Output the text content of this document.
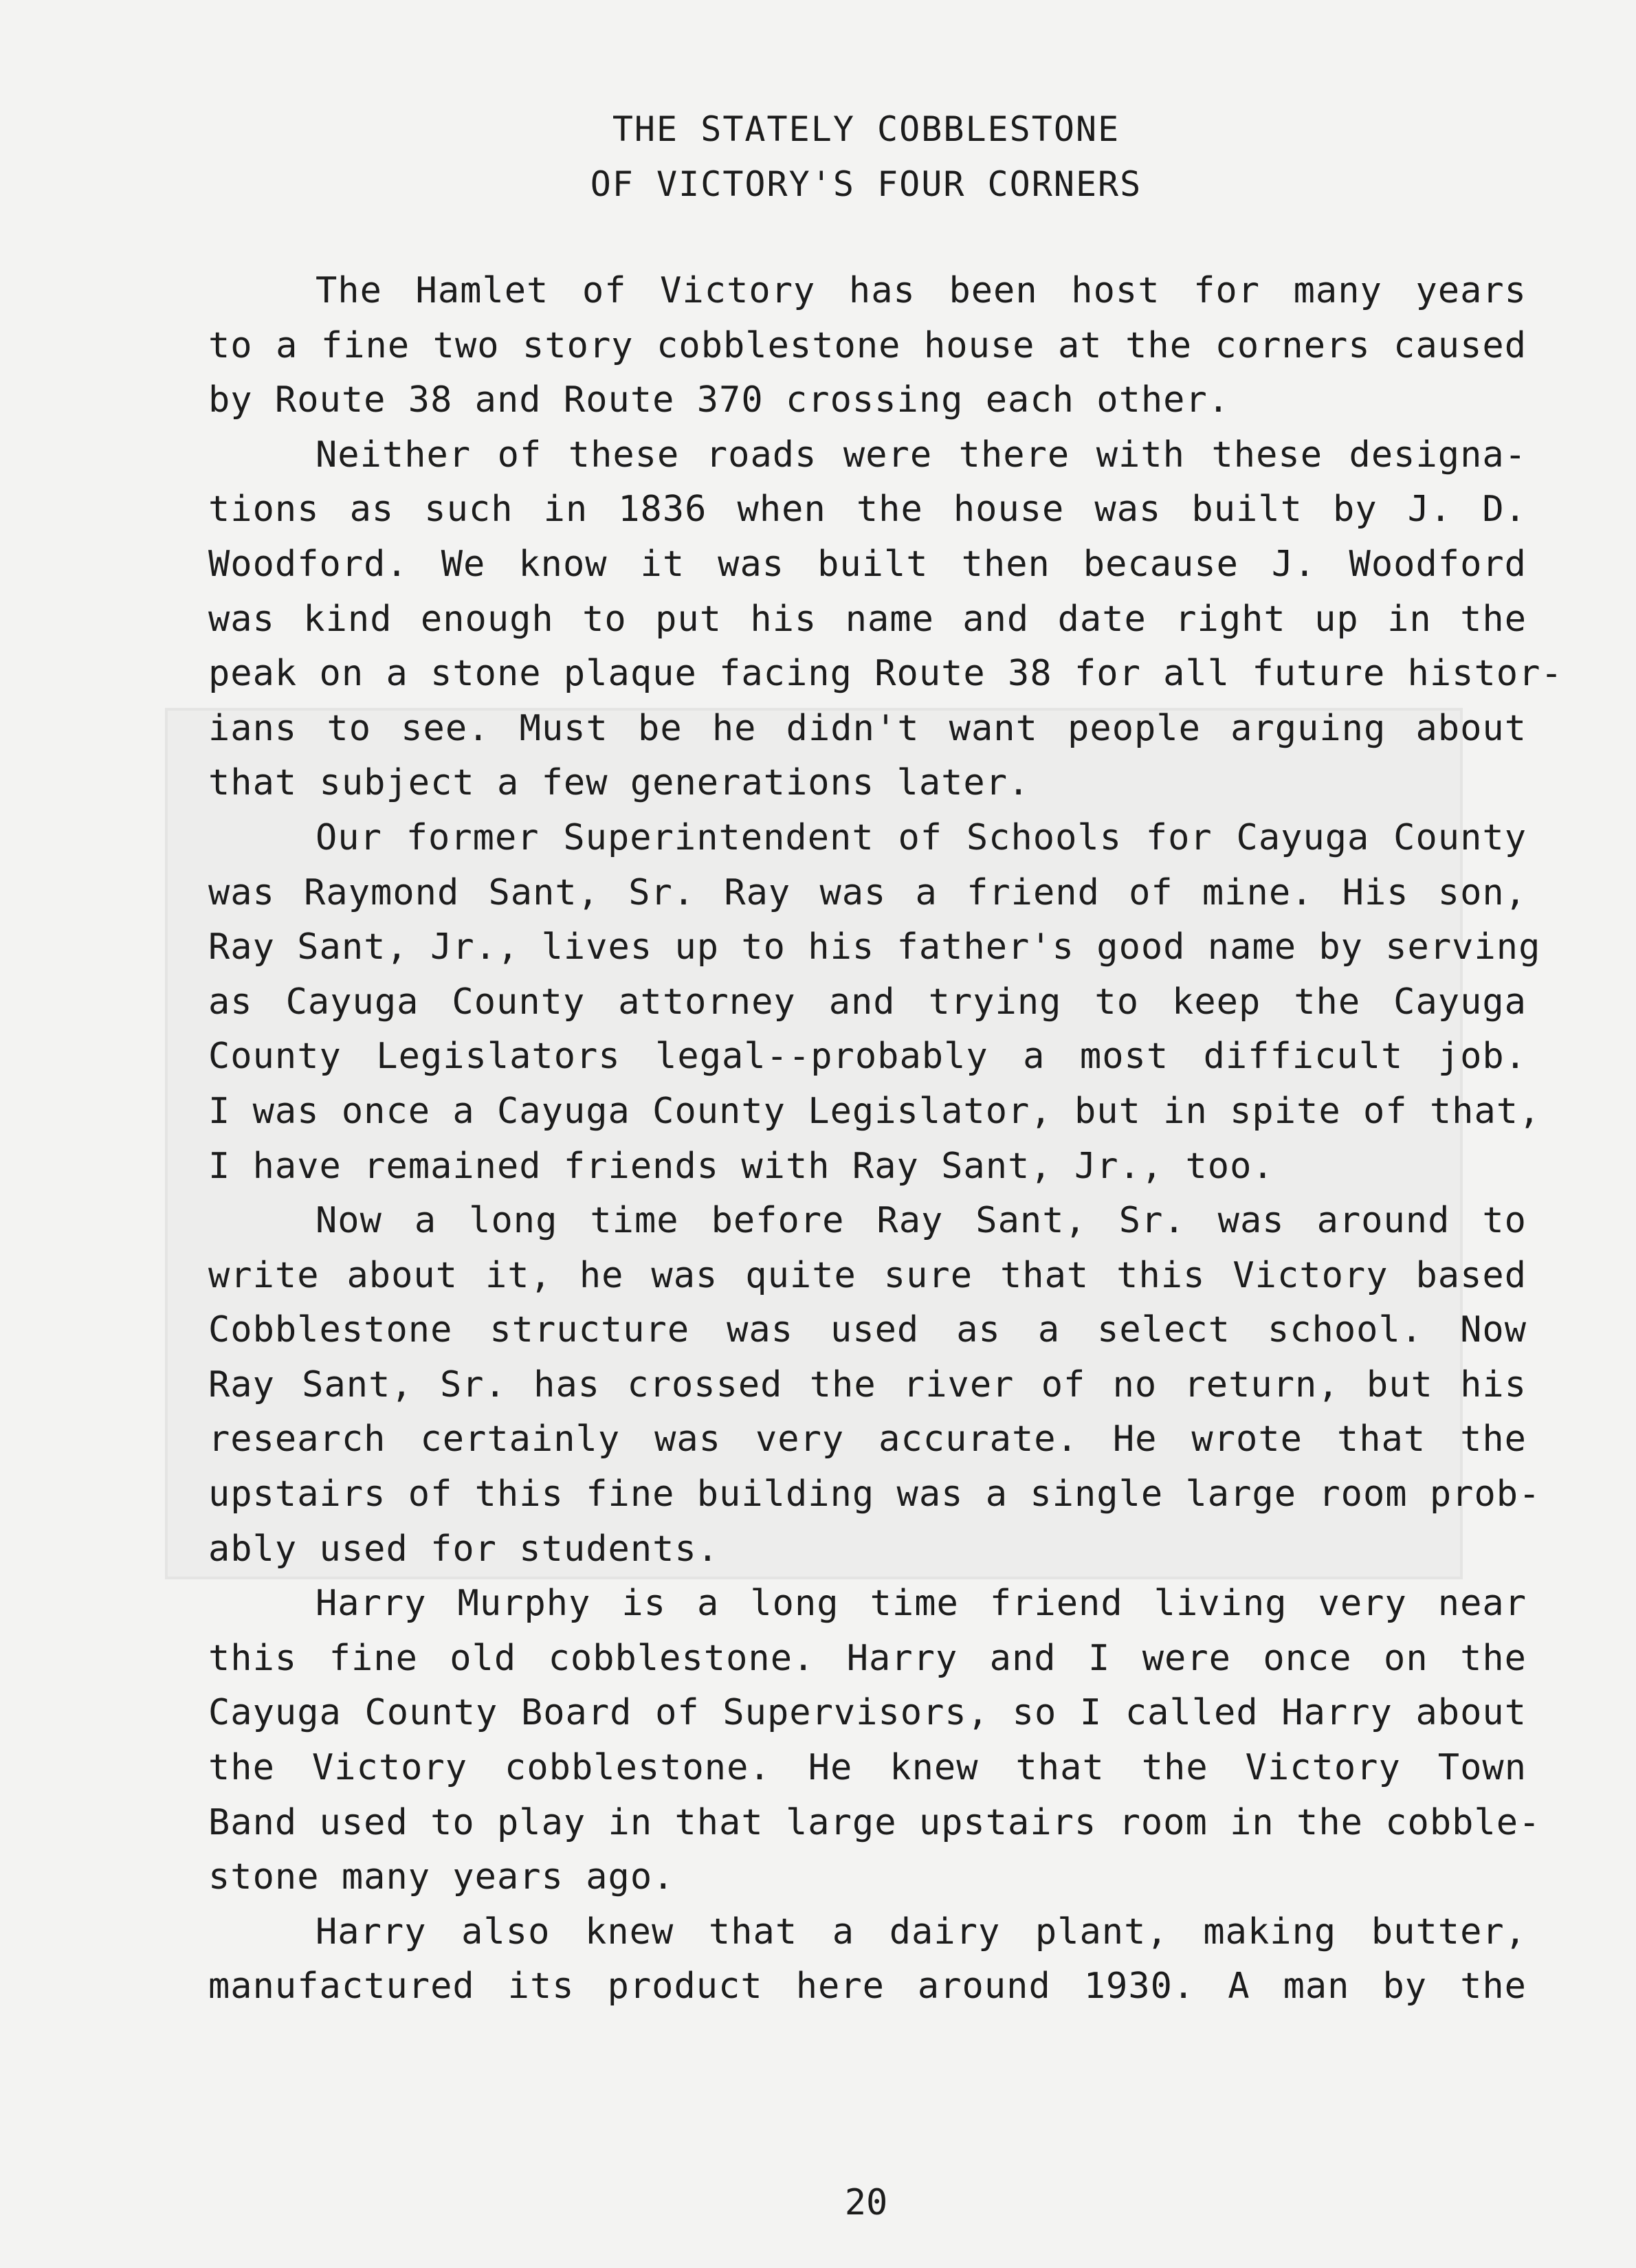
THE STATELY COBBLESTONE
OF VICTORY'S FOUR CORNERS
The Hamlet of Victory has been host for many years
to a fine two story cobblestone house at the corners caused
by Route 38 and Route 370 crossing each other.
Neither of these roads were there with these designa-
tions as such in 1836 when the house was built by J. D.
Woodford. We know it was built then because J. Woodford
was kind enough to put his name and date right up in the
peak on a stone plaque facing Route 38 for all future histor-
ians to see. Must be he didn't want people arguing about
that subject a few generations later.
Our former Superintendent of Schools for Cayuga County
was Raymond Sant, Sr. Ray was a friend of mine. His son,
Ray Sant, Jr., lives up to his father's good name by serving
as Cayuga County attorney and trying to keep the Cayuga
County Legislators legal--probably a most difficult job.
I was once a Cayuga County Legislator, but in spite of that,
I have remained friends with Ray Sant, Jr., too.
Now a long time before Ray Sant, Sr. was around to
write about it, he was quite sure that this Victory based
Cobblestone structure was used as a select school. Now
Ray Sant, Sr. has crossed the river of no return, but his
research certainly was very accurate. He wrote that the
upstairs of this fine building was a single large room prob-
ably used for students.
Harry Murphy is a long time friend living very near
this fine old cobblestone. Harry and I were once on the
Cayuga County Board of Supervisors, so I called Harry about
the Victory cobblestone. He knew that the Victory Town
Band used to play in that large upstairs room in the cobble-
stone many years ago.
Harry also knew that a dairy plant, making butter,
manufactured its product here around 1930. A man by the
20
